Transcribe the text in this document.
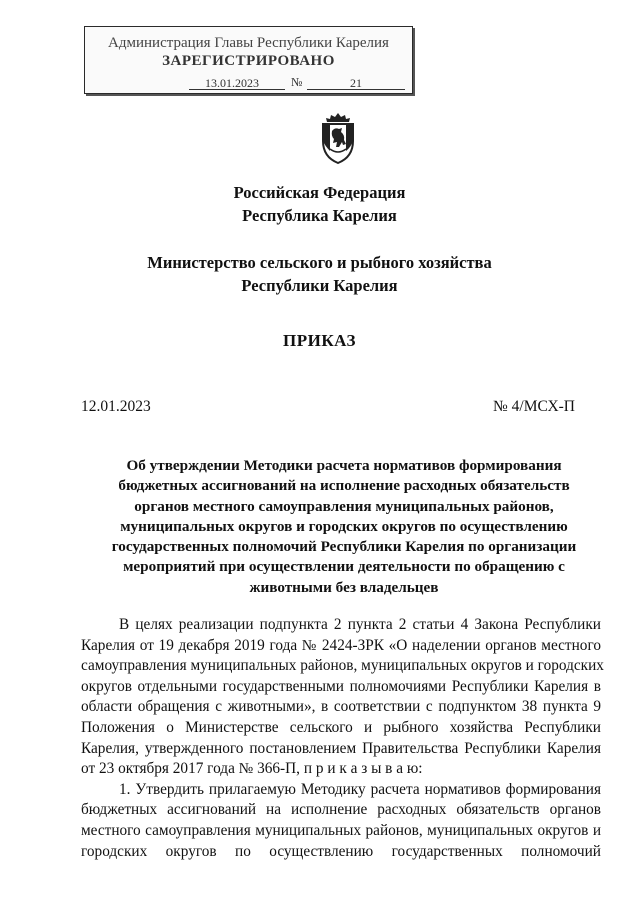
Администрация Главы Республики Карелия
ЗАРЕГИСТРИРОВАНО
13.01.2023	№	21
Российская Федерация
Республика Карелия
Министерство сельского и рыбного хозяйства
Республики Карелия
ПРИКАЗ
12.01.2023	№ 4/МСХ-П
Об утверждении Методики расчета нормативов формирования
бюджетных ассигнований на исполнение расходных обязательств
органов местного самоуправления муниципальных районов,
муниципальных округов и городских округов по осуществлению
государственных полномочий Республики Карелия по организации
мероприятий при осуществлении деятельности по обращению с
животными без владельцев
В целях реализации подпункта 2 пункта 2 статьи 4 Закона Республики
Карелия от 19 декабря 2019 года № 2424-ЗРК «О наделении органов местного
самоуправления муниципальных районов, муниципальных округов и городских
округов отдельными государственными полномочиями Республики Карелия в
области обращения с животными», в соответствии с подпунктом 38 пункта 9
Положения о Министерстве сельского и рыбного хозяйства Республики
Карелия, утвержденного постановлением Правительства Республики Карелия
от 23 октября 2017 года № 366-П, п р и к а з ы в а ю:
1. Утвердить прилагаемую Методику расчета нормативов формирования
бюджетных ассигнований на исполнение расходных обязательств органов
местного самоуправления муниципальных районов, муниципальных округов и
городских округов по осуществлению государственных полномочий
